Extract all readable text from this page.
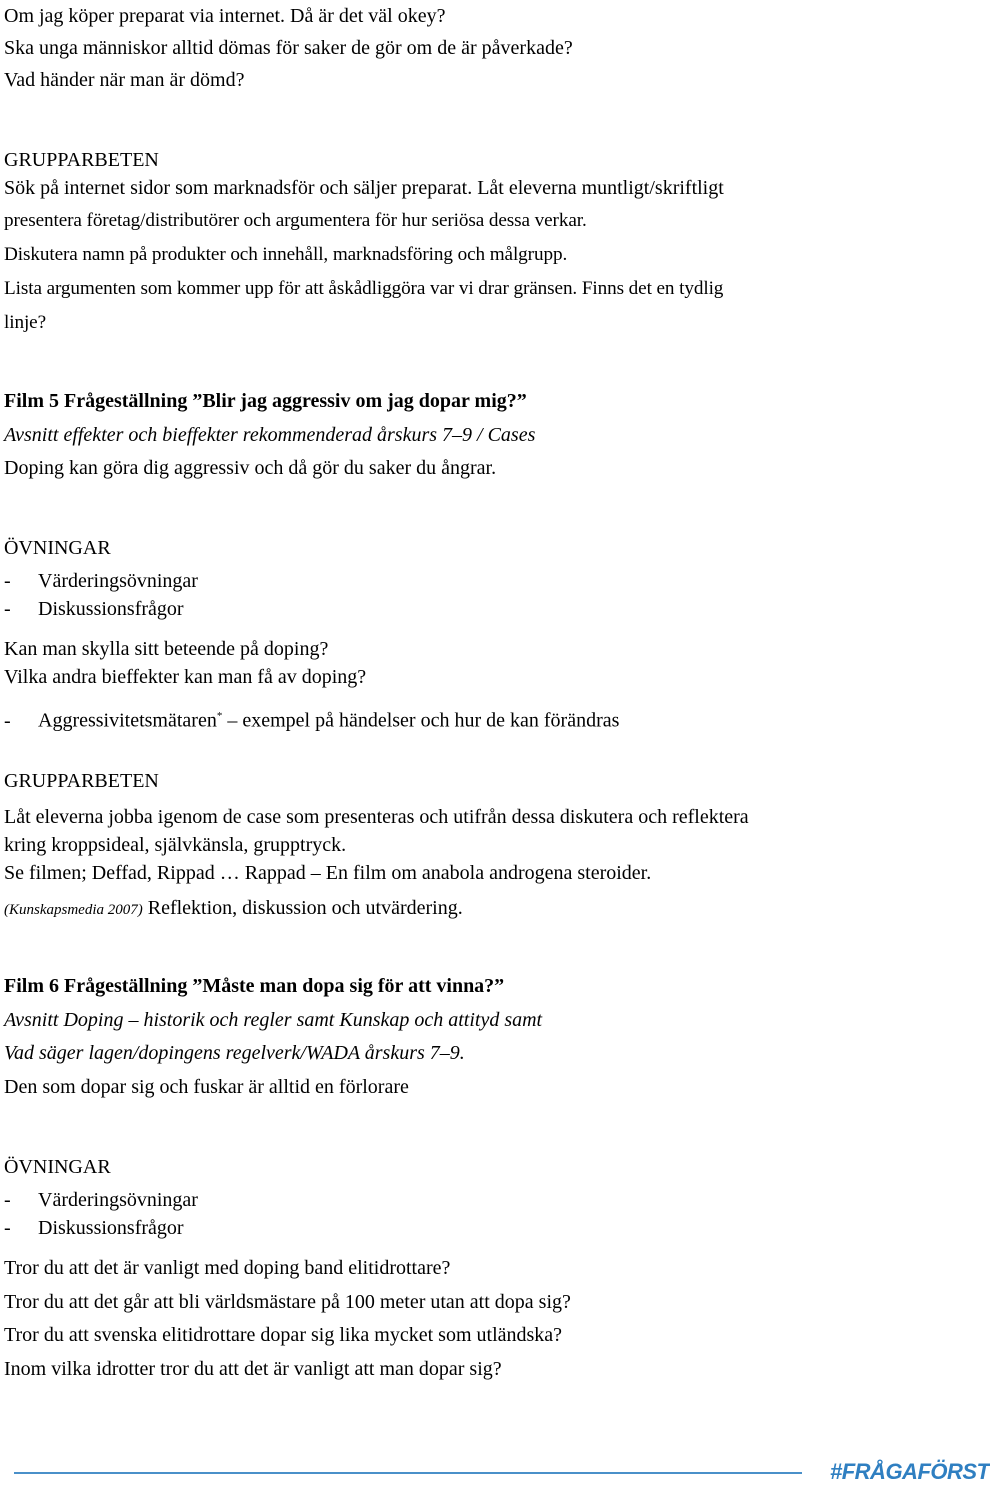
Om jag köper preparat via internet. Då är det väl okey?

Ska unga människor alltid dömas för saker de gör om de är påverkade?

Vad händer när man är dömd?

GRUPPARBETEN

Sök på internet sidor som marknadsför och säljer preparat. Låt eleverna muntligt/skriftligt

presentera företag/distributörer och argumentera för hur seriösa dessa verkar.

Diskutera namn på produkter och innehåll, marknadsföring och målgrupp.

Lista argumenten som kommer upp för att åskådliggöra var vi drar gränsen. Finns det en tydlig

linje?

Film 5 Frågeställning ”Blir jag aggressiv om jag dopar mig?”

Avsnitt effekter och bieffekter rekommenderad årskurs 7–9 / Cases

Doping kan göra dig aggressiv och då gör du saker du ångrar.

ÖVNINGAR

- Värderingsövningar

- Diskussionsfrågor

Kan man skylla sitt beteende på doping?

Vilka andra bieffekter kan man få av doping?

- Aggressivitetsmätaren* – exempel på händelser och hur de kan förändras

GRUPPARBETEN

Låt eleverna jobba igenom de case som presenteras och utifrån dessa diskutera och reflektera

kring kroppsideal, självkänsla, grupptryck.

Se filmen; Deffad, Rippad … Rappad – En film om anabola androgena steroider.

(Kunskapsmedia 2007) Reflektion, diskussion och utvärdering.

Film 6 Frågeställning ”Måste man dopa sig för att vinna?”

Avsnitt Doping – historik och regler samt Kunskap och attityd samt

Vad säger lagen/dopingens regelverk/WADA årskurs 7–9.

Den som dopar sig och fuskar är alltid en förlorare

ÖVNINGAR

- Värderingsövningar

- Diskussionsfrågor

Tror du att det är vanligt med doping band elitidrottare?

Tror du att det går att bli världsmästare på 100 meter utan att dopa sig?

Tror du att svenska elitidrottare dopar sig lika mycket som utländska?

Inom vilka idrotter tror du att det är vanligt att man dopar sig?

#FRÅGAFÖRST
